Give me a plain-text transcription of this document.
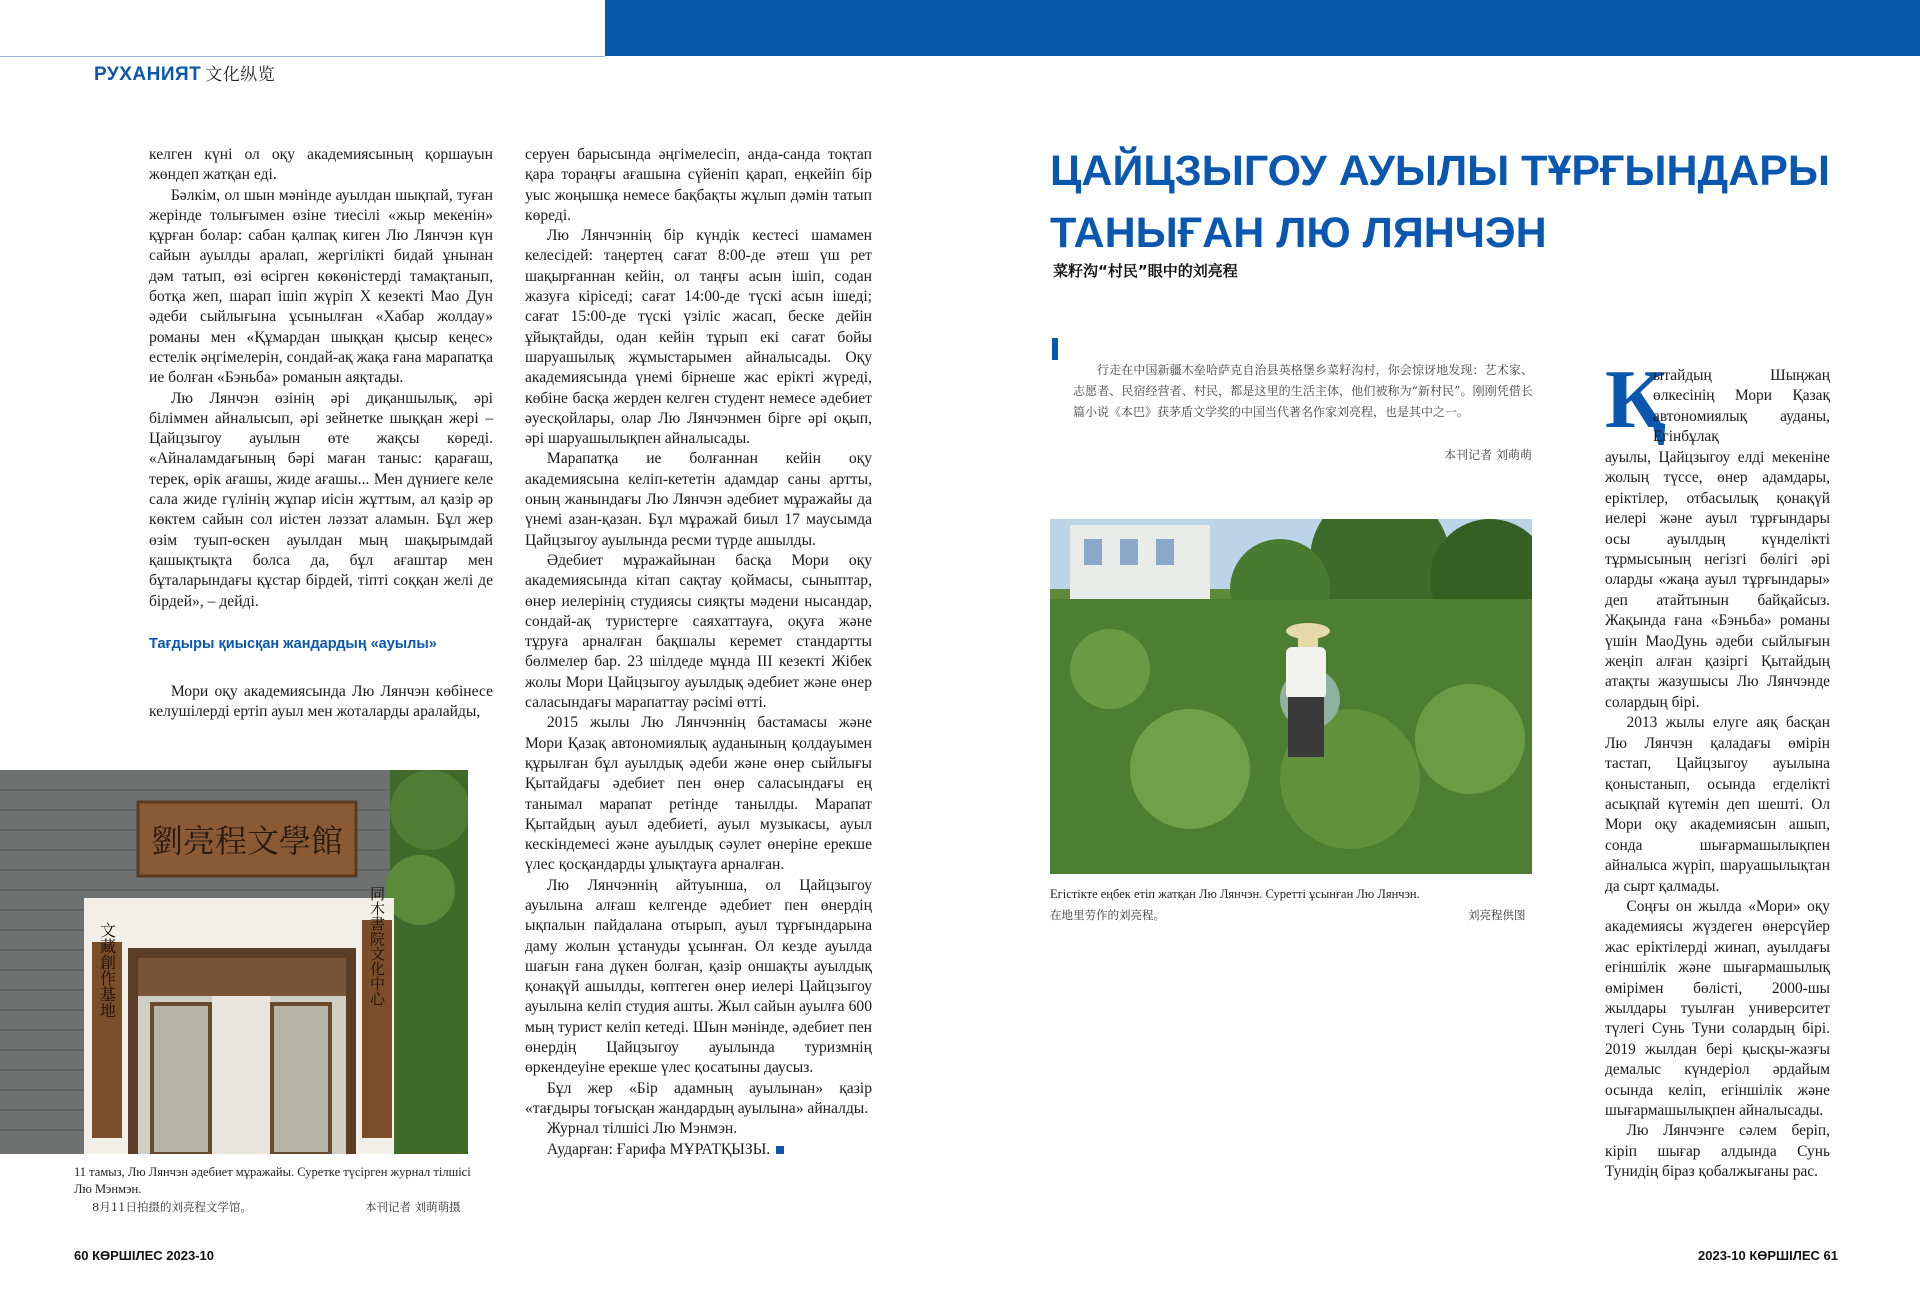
РУХАНИЯТ 文化纵览

келген күні ол оқу академиясының қоршауын жөндеп жатқан еді.

Бәлкім, ол шын мәнінде ауылдан шықпай, туған жерінде толығымен өзіне тиесілі «жыр мекенін» құрған болар: сабан қалпақ киген Лю Лянчэн күн сайын ауылды аралап, жергілікті бидай ұнынан дәм татып, өзі өсірген көкөністерді тамақтанып, ботқа жеп, шарап ішіп жүріп X кезекті Мао Дун әдеби сыйлығына ұсынылған «Хабар жолдау» романы мен «Құмардан шыққан қысыр кеңес» естелік әңгімелерін, сондай-ақ жақа ғана марапатқа ие болған «Бэньба» романын аяқтады.

Лю Лянчэн өзінің әрі диқаншылық, әрі біліммен айналысып, әрі зейнетке шыққан жері – Цайцзыгоу ауылын өте жақсы көреді. «Айналамдағының бәрі маған таныс: қарағаш, терек, өрік ағашы, жиде ағашы... Мен дүниеге келе сала жиде гүлінің жұпар иісін жұттым, ал қазір әр көктем сайын сол иістен ләззат аламын. Бұл жер өзім туып-өскен ауылдан мың шақырымдай қашықтықта болса да, бұл ағаштар мен бұталарындағы құстар бірдей, тіпті соққан желі де бірдей», – дейді.

Тағдыры қиысқан жандардың «ауылы»

Мори оқу академиясында Лю Лянчэн көбінесе келушілерді ертіп ауыл мен жоталарды аралайды,

серуен барысында әңгімелесіп, анда-санда тоқтап қара тораңғы ағашына сүйеніп қарап, еңкейіп бір уыс жоңышқа немесе бақбақты жұлып дәмін татып көреді.

Лю Лянчэннің бір күндік кестесі шамамен келесідей: таңертең сағат 8:00-де әтеш үш рет шақырғаннан кейін, ол таңғы асын ішіп, содан жазуға кіріседі; сағат 14:00-де түскі асын ішеді; сағат 15:00-де түскі үзіліс жасап, беске дейін ұйықтайды, одан кейін тұрып екі сағат бойы шаруашылық жұмыстарымен айналысады. Оқу академиясында үнемі бірнеше жас ерікті жүреді, көбіне басқа жерден келген студент немесе әдебиет әуесқойлары, олар Лю Лянчэнмен бірге әрі оқып, әрі шаруашылықпен айналысады.

Марапатқа ие болғаннан кейін оқу академиясына келіп-кететін адамдар саны артты, оның жанындағы Лю Лянчэн әдебиет мұражайы да үнемі азан-қазан. Бұл мұражай биыл 17 маусымда Цайцзыгоу ауылында ресми түрде ашылды.

Әдебиет мұражайынан басқа Мори оқу академиясында кітап сақтау қоймасы, сыныптар, өнер иелерінің студиясы сияқты мәдени нысандар, сондай-ақ туристерге саяхаттауға, оқуға және тұруға арналған бақшалы керемет стандартты бөлмелер бар. 23 шілдеде мұнда III кезекті Жібек жолы Мори Цайцзыгоу ауылдық әдебиет және өнер саласындағы марапаттау рәсімі өтті.

2015 жылы Лю Лянчэннің бастамасы және Мори Қазақ автономиялық ауданының қолдауымен құрылған бұл ауылдық әдеби және өнер сыйлығы Қытайдағы әдебиет пен өнер саласындағы ең танымал марапат ретінде танылды. Марапат Қытайдың ауыл әдебиеті, ауыл музыкасы, ауыл кескіндемесі және ауылдық сәулет өнеріне ерекше үлес қосқандарды ұлықтауға арналған.

Лю Лянчэннің айтуынша, ол Цайцзыгоу ауылына алғаш келгенде әдебиет пен өнердің ықпалын пайдалана отырып, ауыл тұрғындарына даму жолын ұстануды ұсынған. Ол кезде ауылда шағын ғана дүкен болған, қазір оншақты ауылдық қонақүй ашылды, көптеген өнер иелері Цайцзыгоу ауылына келіп студия ашты. Жыл сайын ауылға 600 мың турист келіп кетеді. Шын мәнінде, әдебиет пен өнердің Цайцзыгоу ауылында туризмнің өркендеуіне ерекше үлес қосатыны даусыз.

Бұл жер «Бір адамның ауылынан» қазір «тағдыры тоғысқан жандардың ауылына» айналды.

Журнал тілшісі Лю Мэнмэн.

Аударған: Ғарифа МҰРАТҚЫЗЫ.

劉亮程文學館
文藏創作基地	同木書院文化中心
11 тамыз, Лю Лянчэн әдебиет мұражайы. Суретке түсірген журнал тілшісі Лю Мэнмэн.
8月11日拍摄的刘亮程文学馆。	本刊记者 刘萌萌摄
ЦАЙЦЗЫГОУ АУЫЛЫ ТҰРҒЫНДАРЫ ТАНЫҒАН ЛЮ ЛЯНЧЭН
菜籽沟“村民”眼中的刘亮程
行走在中国新疆木垒哈萨克自治县英格堡乡菜籽沟村，你会惊讶地发现：艺术家、志愿者、民宿经营者、村民，都是这里的生活主体，他们被称为“新村民”。刚刚凭借长篇小说《本巴》获茅盾文学奖的中国当代著名作家刘亮程，也是其中之一。
本刊记者 刘萌萌
Егістікте еңбек етіп жатқан Лю Лянчэн. Суретті ұсынған Лю Лянчэн.
在地里劳作的刘亮程。	刘亮程供图
Қ

ытайдың Шыңжаң өлкесінің Мори Қазақ автономиялық ауданы, Егінбұлақ

ауылы, Цайцзыгоу елді мекеніне жолың түссе, өнер адамдары, еріктілер, отбасылық қонақүй иелері және ауыл тұрғындары осы ауылдың күнделікті тұрмысының негізгі бөлігі әрі оларды «жаңа ауыл тұрғындары» деп атайтынын байқайсыз. Жақында ғана «Бэньба» романы үшін МаоДунь әдеби сыйлығын жеңіп алған қазіргі Қытайдың атақты жазушысы Лю Лянчэнде солардың бірі.

2013 жылы елуге аяқ басқан Лю Лянчэн қаладағы өмірін тастап, Цайцзыгоу ауылына қоныстанып, осында егделікті асықпай күтемін деп шешті. Ол Мори оқу академиясын ашып, сонда шығармашылықпен айналыса жүріп, шаруашылықтан да сырт қалмады.

Соңғы он жылда «Мори» оқу академиясы жүздеген өнерсүйер жас еріктілерді жинап, ауылдағы егіншілік және шығармашылық өмірімен бөлісті, 2000-шы жылдары туылған университет түлегі Сунь Туни солардың бірі. 2019 жылдан бері қысқы-жазғы демалыс күндеріол әрдайым осында келіп, егіншілік және шығармашылықпен айналысады.

Лю Лянчэнге сәлем беріп, кіріп шығар алдында Сунь Тунидің біраз қобалжығаны рас.

60 КӨРШІЛЕС 2023-10	2023-10 КӨРШІЛЕС 61
